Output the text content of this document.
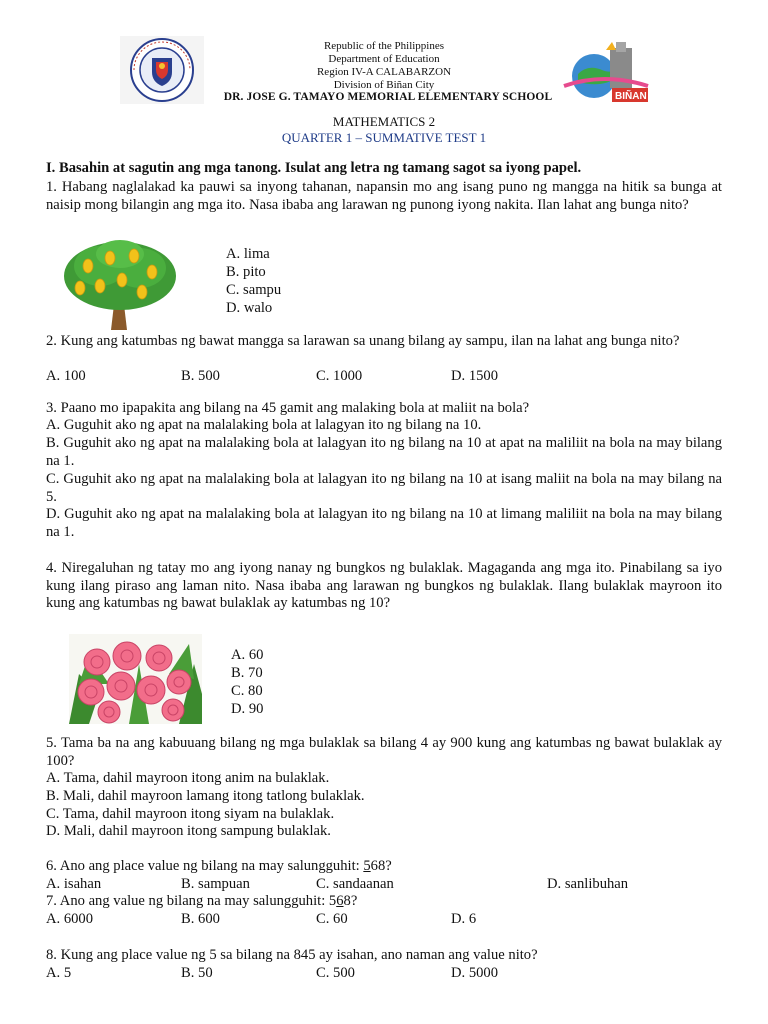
BIÑAN
Republic of the Philippines
Department of Education
Region IV-A CALABARZON
Division of Biñan City
DR. JOSE G. TAMAYO MEMORIAL ELEMENTARY SCHOOL
MATHEMATICS 2
QUARTER 1 – SUMMATIVE TEST 1
I. Basahin at sagutin ang mga tanong. Isulat ang letra ng tamang sagot sa iyong papel.
1. Habang naglalakad ka pauwi sa inyong tahanan, napansin mo ang isang puno ng mangga na hitik sa bunga at naisip mong bilangin ang mga ito. Nasa ibaba ang larawan ng punong iyong nakita. Ilan lahat ang bunga nito?
A. lima
B. pito
C. sampu
D. walo
2. Kung ang katumbas ng bawat mangga sa larawan sa unang bilang ay sampu, ilan na lahat ang bunga nito?
A. 100	B. 500	C. 1000	D. 1500
3. Paano mo ipapakita ang bilang na 45 gamit ang malaking bola at maliit na bola?
A. Guguhit ako ng apat na malalaking bola at lalagyan ito ng bilang na 10.
B. Guguhit ako ng apat na malalaking bola at lalagyan ito ng bilang na 10 at apat na maliliit na bola na may bilang na 1.
C. Guguhit ako ng apat na malalaking bola at lalagyan ito ng bilang na 10 at isang maliit na bola na may bilang na 5.
D. Guguhit ako ng apat na malalaking bola at lalagyan ito ng bilang na 10 at limang maliliit na bola na may bilang na 1.
4. Niregaluhan ng tatay mo ang iyong nanay ng bungkos ng bulaklak. Magaganda ang mga ito. Pinabilang sa iyo kung ilang piraso ang laman nito. Nasa ibaba ang larawan ng bungkos ng bulaklak. Ilang bulaklak mayroon ito kung ang katumbas ng bawat bulaklak ay katumbas ng 10?
A. 60
B. 70
C. 80
D. 90
5. Tama ba na ang kabuuang bilang ng mga bulaklak sa bilang 4 ay 900 kung ang katumbas ng bawat bulaklak ay 100?
A. Tama, dahil mayroon itong anim na bulaklak.
B. Mali, dahil mayroon lamang itong tatlong bulaklak.
C. Tama, dahil mayroon itong siyam na bulaklak.
D. Mali, dahil mayroon itong sampung bulaklak.
6. Ano ang place value ng bilang na may salungguhit: 568?
A. isahan	B. sampuan	C. sandaanan	D. sanlibuhan
7. Ano ang value ng bilang na may salungguhit: 568?
A. 6000	B. 600	C. 60	D. 6
8. Kung ang place value ng 5 sa bilang na 845 ay isahan, ano naman ang value nito?
A. 5	B. 50	C. 500	D. 5000
